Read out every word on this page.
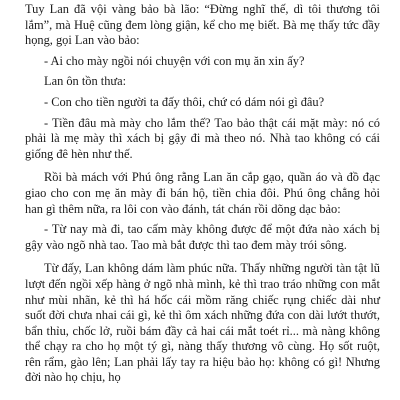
Tuy Lan đã vội vàng bảo bà lão: “Đừng nghĩ thế, dì tôi thương tôi lắm”, mà Huệ cũng đem lòng giận, kể cho mẹ biết. Bà mẹ thấy tức đầy họng, gọi Lan vào bảo:

- Ai cho mày ngồi nói chuyện với con mụ ăn xin ấy?

Lan ôn tồn thưa:

- Con cho tiền người ta đấy thôi, chứ có dám nói gì đâu?

- Tiền đâu mà mày cho lắm thế? Tao bảo thật cái mặt mày: nó có phải là mẹ mày thì xách bị gậy đi mà theo nó. Nhà tao không có cái giống đê hèn như thế.

Rồi bà mách với Phú ông rằng Lan ăn cắp gạo, quần áo và đồ đạc giao cho con mẹ ăn mày đi bán hộ, tiền chia đôi. Phú ông chẳng hỏi han gì thêm nữa, ra lôi con vào đánh, tát chán rồi dõng dạc bảo:

- Từ nay mà đi, tao cấm mày không được để một đứa nào xách bị gậy vào ngõ nhà tao. Tao mà bắt được thì tao đem mày trói sông.

Từ đấy, Lan không dám làm phúc nữa. Thấy những người tàn tật lũ lượt đến ngồi xếp hàng ở ngõ nhà mình, kẻ thì trao tráo những con mắt như mùi nhãn, kẻ thì há hốc cái mồm răng chiếc rụng chiếc dài như suốt đời chưa nhai cái gì, kẻ thì ôm xách những đứa con dài lướt thướt, bẩn thỉu, chốc lở, ruồi bám đầy cả hai cái mắt toét rỉ... mà nàng không thể chạy ra cho họ một tý gì, nàng thấy thương vô cùng. Họ sốt ruột, rên rẩm, gào lên; Lan phải lấy tay ra hiệu bảo họ: không có gì! Nhưng đời nào họ chịu, họ
